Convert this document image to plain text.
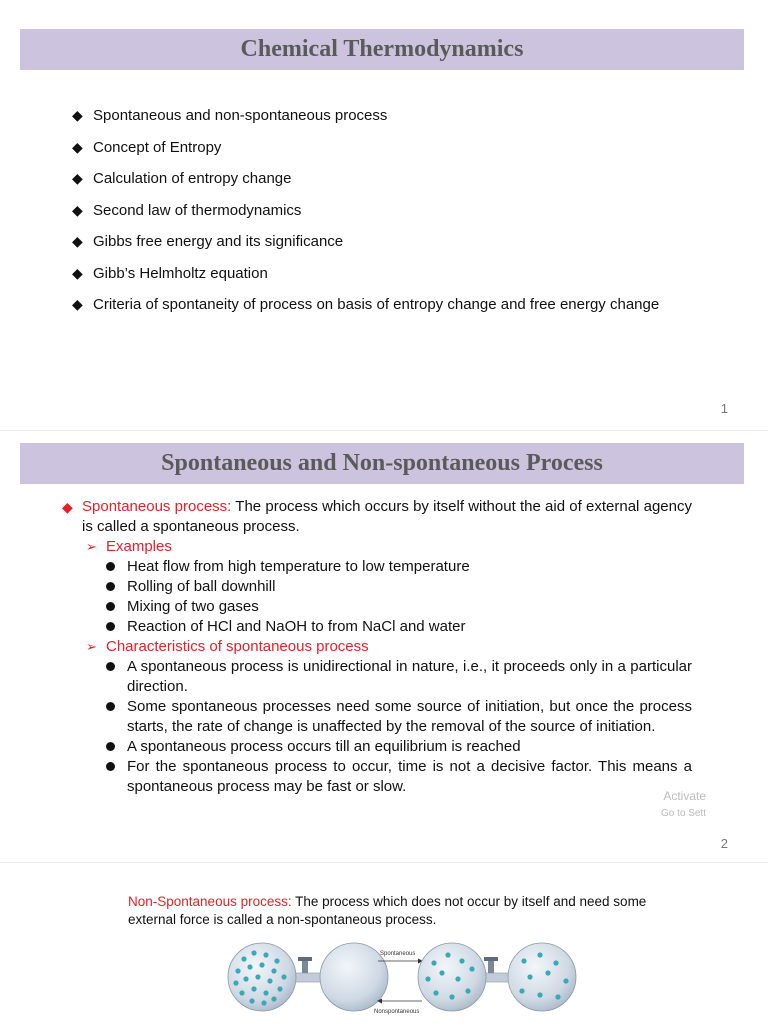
Chemical Thermodynamics
◆ Spontaneous and non-spontaneous process
◆ Concept of Entropy
◆ Calculation of entropy change
◆ Second law of thermodynamics
◆ Gibbs free energy and its significance
◆ Gibb’s Helmholtz equation
◆ Criteria of spontaneity of process on basis of entropy change and free energy change
1
Spontaneous and Non-spontaneous Process
◆ Spontaneous process: The process which occurs by itself without the aid of external agency is called a spontaneous process.
➢ Examples
Heat flow from high temperature to low temperature
Rolling of ball downhill
Mixing of two gases
Reaction of HCl and NaOH to from NaCl and water
➢ Characteristics of spontaneous process
A spontaneous process is unidirectional in nature, i.e., it proceeds only in a particular direction.
Some spontaneous processes need some source of initiation, but once the process starts, the rate of change is unaffected by the removal of the source of initiation.
A spontaneous process occurs till an equilibrium is reached
For the spontaneous process to occur, time is not a decisive factor. This means a spontaneous process may be fast or slow.
Activate
Go to Sett
2
Non-Spontaneous process: The process which does not occur by itself and need some external force is called a non-spontaneous process.
Spontaneous
Nonspontaneous
